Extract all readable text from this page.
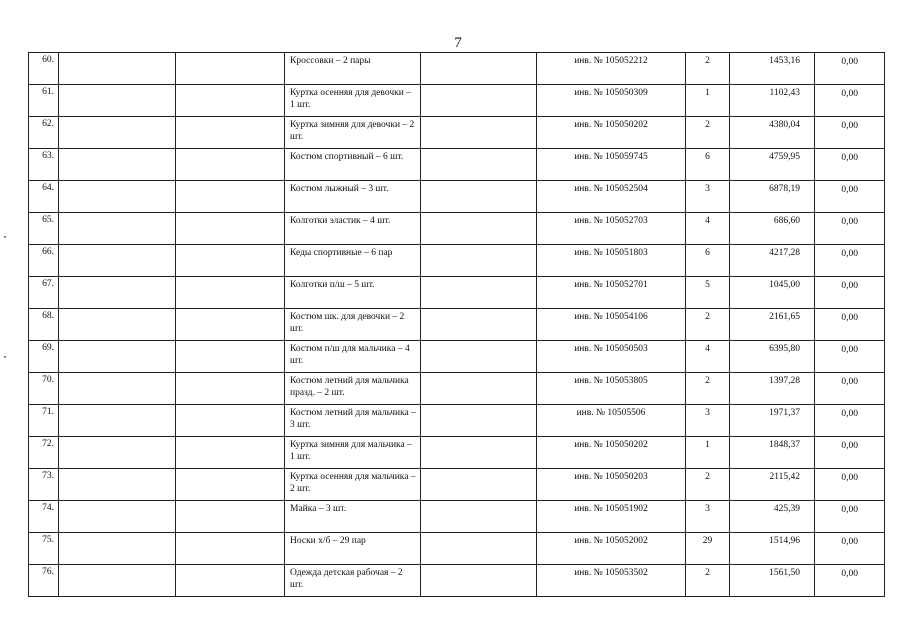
7
60.			Кроссовки – 2 пары		инв. № 105052212	2	1453,16	0,00
61.			Куртка осенняя для девочки – 1 шт.		инв. № 105050309	1	1102,43	0,00
62.			Куртка зимняя для девочки – 2 шт.		инв. № 105050202	2	4380,04	0,00
63.			Костюм спортивный – 6 шт.		инв. № 105059745	6	4759,95	0,00
64.			Костюм лыжный – 3 шт.		инв. № 105052504	3	6878,19	0,00
65.			Колготки эластик – 4 шт.		инв. № 105052703	4	686,60	0,00
66.			Кеды спортивные – 6 пар		инв. № 105051803	6	4217,28	0,00
67.			Колготки п/ш – 5 шт.		инв. № 105052701	5	1045,00	0,00
68.			Костюм шк. для девочки – 2 шт.		инв. № 105054106	2	2161,65	0,00
69.			Костюм п/ш для мальчика – 4 шт.		инв. № 105050503	4	6395,80	0,00
70.			Костюм летний для мальчика празд. – 2 шт.		инв. № 105053805	2	1397,28	0,00
71.			Костюм летний для мальчика – 3 шт.		инв. № 10505506	3	1971,37	0,00
72.			Куртка зимняя для мальчика – 1 шт.		инв. № 105050202	1	1848,37	0,00
73.			Куртка осенняя для мальчика – 2 шт.		инв. № 105050203	2	2115,42	0,00
74.			Майка – 3 шт.		инв. № 105051902	3	425,39	0,00
75.			Носки х/б – 29 пар		инв. № 105052002	29	1514,96	0,00
76.			Одежда детская рабочая – 2 шт.		инв. № 105053502	2	1561,50	0,00
